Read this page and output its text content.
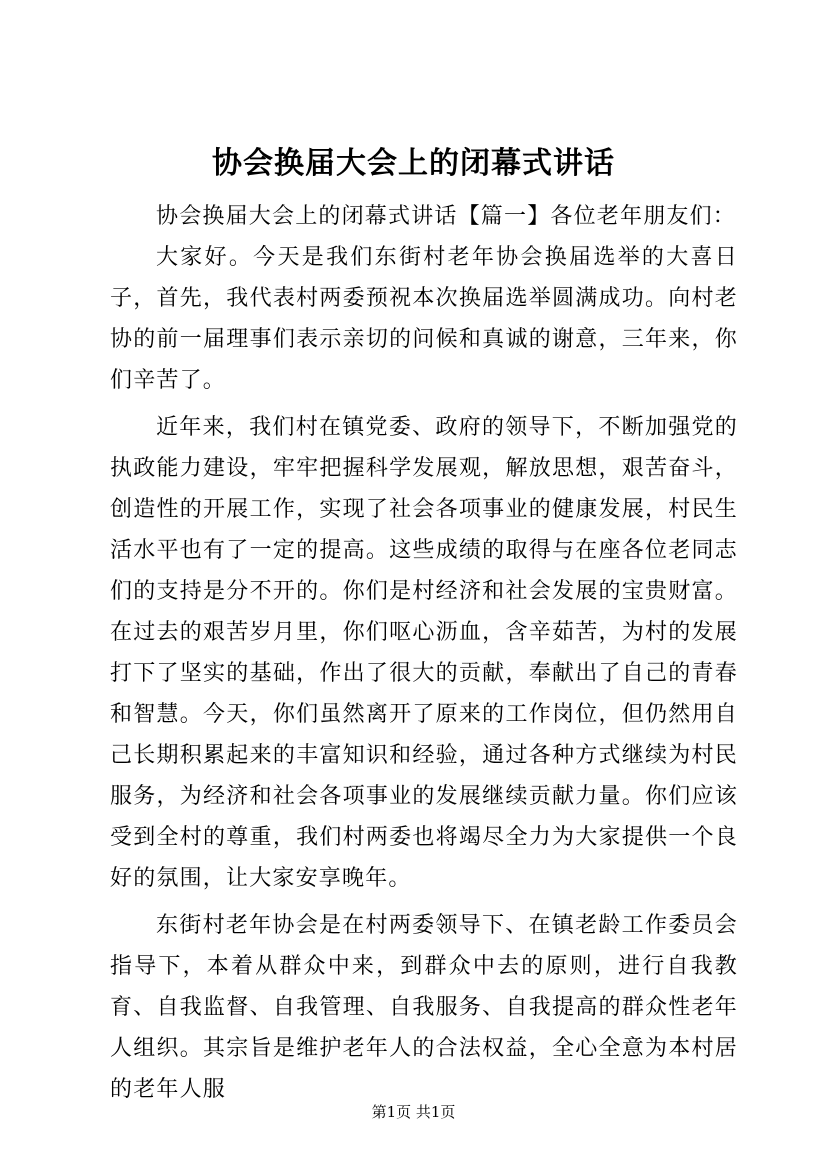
协会换届大会上的闭幕式讲话

协会换届大会上的闭幕式讲话【篇一】各位老年朋友们：

大家好。今天是我们东街村老年协会换届选举的大喜日子，首先，我代表村两委预祝本次换届选举圆满成功。向村老协的前一届理事们表示亲切的问候和真诚的谢意，三年来，你们辛苦了。

近年来，我们村在镇党委、政府的领导下，不断加强党的执政能力建设，牢牢把握科学发展观，解放思想，艰苦奋斗，创造性的开展工作，实现了社会各项事业的健康发展，村民生活水平也有了一定的提高。这些成绩的取得与在座各位老同志们的支持是分不开的。你们是村经济和社会发展的宝贵财富。在过去的艰苦岁月里，你们呕心沥血，含辛茹苦，为村的发展打下了坚实的基础，作出了很大的贡献，奉献出了自己的青春和智慧。今天，你们虽然离开了原来的工作岗位，但仍然用自己长期积累起来的丰富知识和经验，通过各种方式继续为村民服务，为经济和社会各项事业的发展继续贡献力量。你们应该受到全村的尊重，我们村两委也将竭尽全力为大家提供一个良好的氛围，让大家安享晚年。

东街村老年协会是在村两委领导下、在镇老龄工作委员会指导下，本着从群众中来，到群众中去的原则，进行自我教育、自我监督、自我管理、自我服务、自我提高的群众性老年人组织。其宗旨是维护老年人的合法权益，全心全意为本村居的老年人服

第1页 共1页
